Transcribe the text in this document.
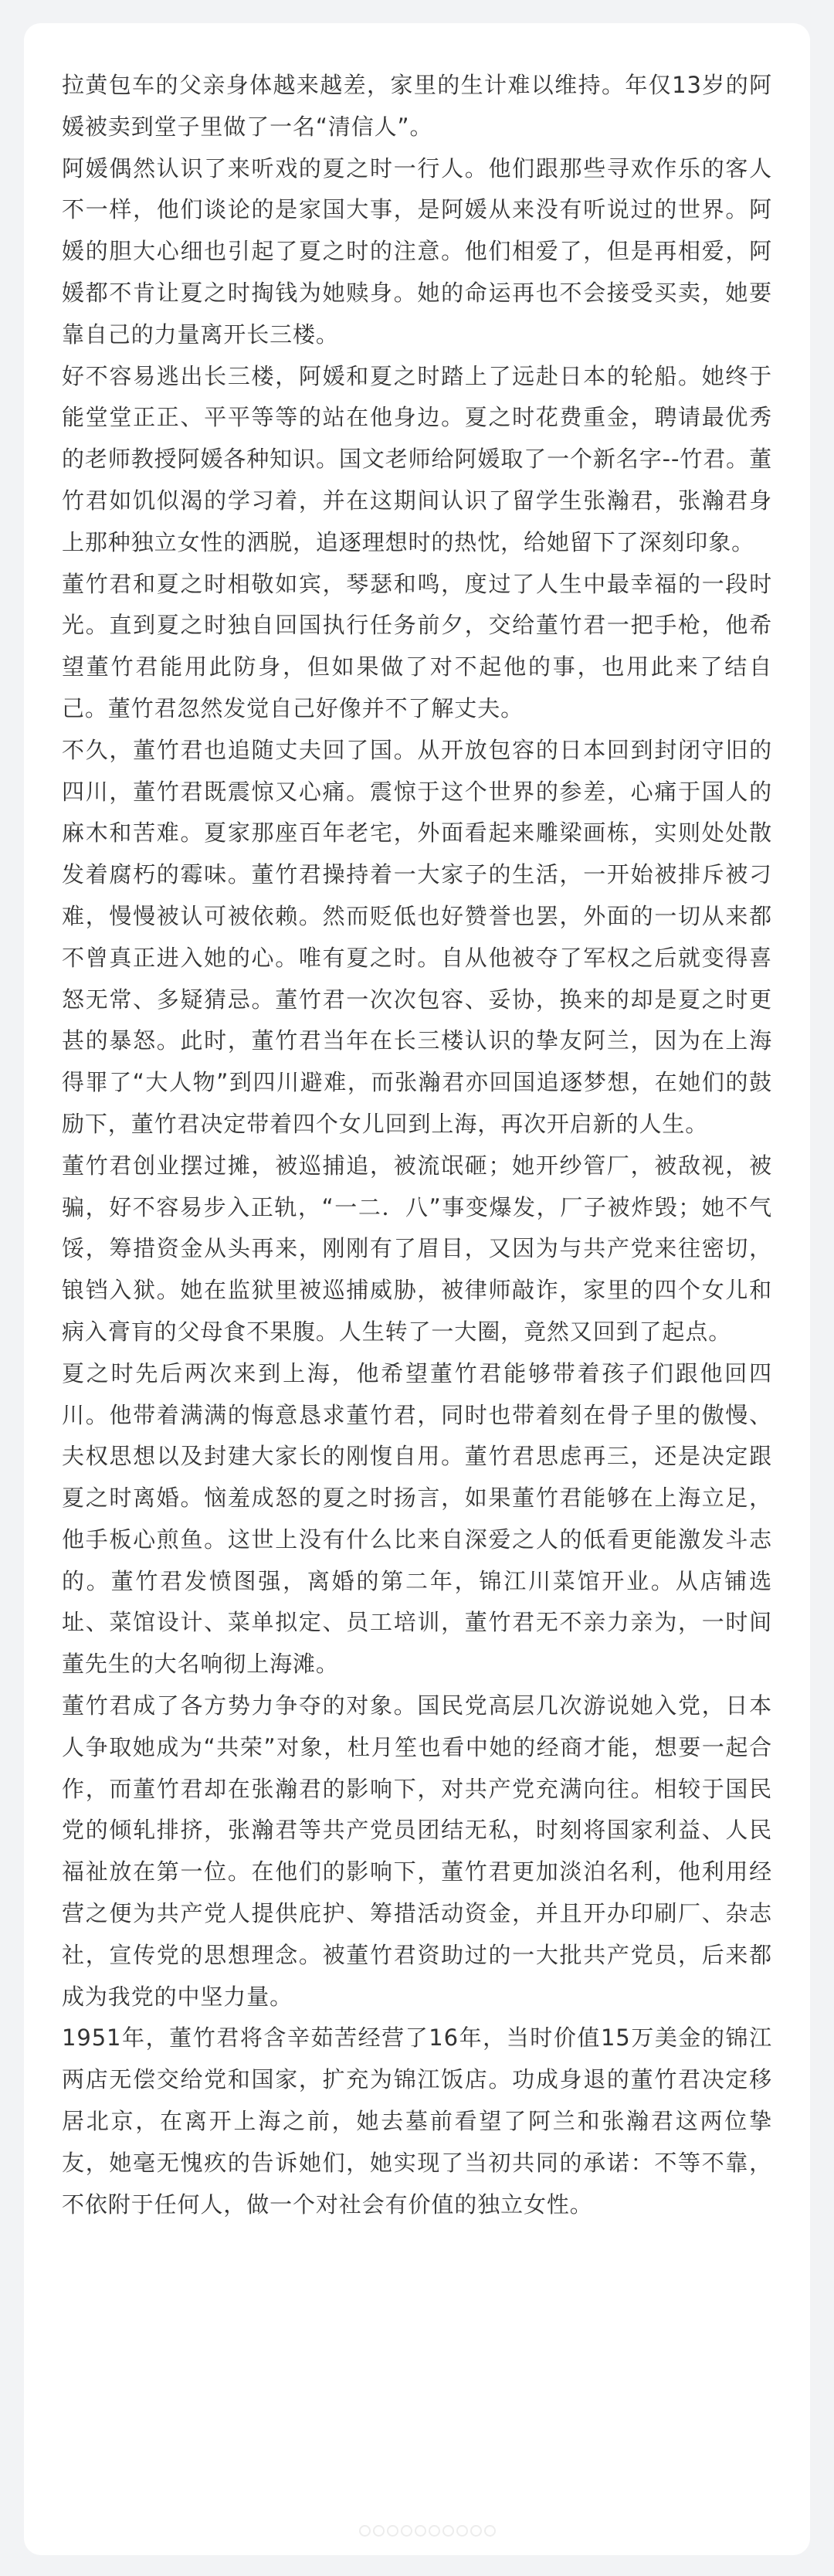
拉黄包车的父亲身体越来越差，家里的生计难以维持。年仅13岁的阿媛被卖到堂子里做了一名“清信人”。

阿媛偶然认识了来听戏的夏之时一行人。他们跟那些寻欢作乐的客人不一样，他们谈论的是家国大事，是阿媛从来没有听说过的世界。阿媛的胆大心细也引起了夏之时的注意。他们相爱了，但是再相爱，阿媛都不肯让夏之时掏钱为她赎身。她的命运再也不会接受买卖，她要靠自己的力量离开长三楼。

好不容易逃出长三楼，阿媛和夏之时踏上了远赴日本的轮船。她终于能堂堂正正、平平等等的站在他身边。夏之时花费重金，聘请最优秀的老师教授阿媛各种知识。国文老师给阿媛取了一个新名字--竹君。董竹君如饥似渴的学习着，并在这期间认识了留学生张瀚君，张瀚君身上那种独立女性的洒脱，追逐理想时的热忱，给她留下了深刻印象。

董竹君和夏之时相敬如宾，琴瑟和鸣，度过了人生中最幸福的一段时光。直到夏之时独自回国执行任务前夕，交给董竹君一把手枪，他希望董竹君能用此防身，但如果做了对不起他的事，也用此来了结自己。董竹君忽然发觉自己好像并不了解丈夫。

不久，董竹君也追随丈夫回了国。从开放包容的日本回到封闭守旧的四川，董竹君既震惊又心痛。震惊于这个世界的参差，心痛于国人的麻木和苦难。夏家那座百年老宅，外面看起来雕梁画栋，实则处处散发着腐朽的霉味。董竹君操持着一大家子的生活，一开始被排斥被刁难，慢慢被认可被依赖。然而贬低也好赞誉也罢，外面的一切从来都不曾真正进入她的心。唯有夏之时。自从他被夺了军权之后就变得喜怒无常、多疑猜忌。董竹君一次次包容、妥协，换来的却是夏之时更甚的暴怒。此时，董竹君当年在长三楼认识的挚友阿兰，因为在上海得罪了“大人物”到四川避难，而张瀚君亦回国追逐梦想，在她们的鼓励下，董竹君决定带着四个女儿回到上海，再次开启新的人生。

董竹君创业摆过摊，被巡捕追，被流氓砸；她开纱管厂，被敌视，被骗，好不容易步入正轨，“一二．八”事变爆发，厂子被炸毁；她不气馁，筹措资金从头再来，刚刚有了眉目，又因为与共产党来往密切，锒铛入狱。她在监狱里被巡捕威胁，被律师敲诈，家里的四个女儿和病入膏肓的父母食不果腹。人生转了一大圈，竟然又回到了起点。

夏之时先后两次来到上海，他希望董竹君能够带着孩子们跟他回四川。他带着满满的悔意恳求董竹君，同时也带着刻在骨子里的傲慢、夫权思想以及封建大家长的刚愎自用。董竹君思虑再三，还是决定跟夏之时离婚。恼羞成怒的夏之时扬言，如果董竹君能够在上海立足，他手板心煎鱼。这世上没有什么比来自深爱之人的低看更能激发斗志的。董竹君发愤图强，离婚的第二年，锦江川菜馆开业。从店铺选址、菜馆设计、菜单拟定、员工培训，董竹君无不亲力亲为，一时间董先生的大名响彻上海滩。

董竹君成了各方势力争夺的对象。国民党高层几次游说她入党，日本人争取她成为“共荣”对象，杜月笙也看中她的经商才能，想要一起合作，而董竹君却在张瀚君的影响下，对共产党充满向往。相较于国民党的倾轧排挤，张瀚君等共产党员团结无私，时刻将国家利益、人民福祉放在第一位。在他们的影响下，董竹君更加淡泊名利，他利用经营之便为共产党人提供庇护、筹措活动资金，并且开办印刷厂、杂志社，宣传党的思想理念。被董竹君资助过的一大批共产党员，后来都成为我党的中坚力量。

1951年，董竹君将含辛茹苦经营了16年，当时价值15万美金的锦江两店无偿交给党和国家，扩充为锦江饭店。功成身退的董竹君决定移居北京，在离开上海之前，她去墓前看望了阿兰和张瀚君这两位挚友，她毫无愧疚的告诉她们，她实现了当初共同的承诺：不等不靠，不依附于任何人，做一个对社会有价值的独立女性。
